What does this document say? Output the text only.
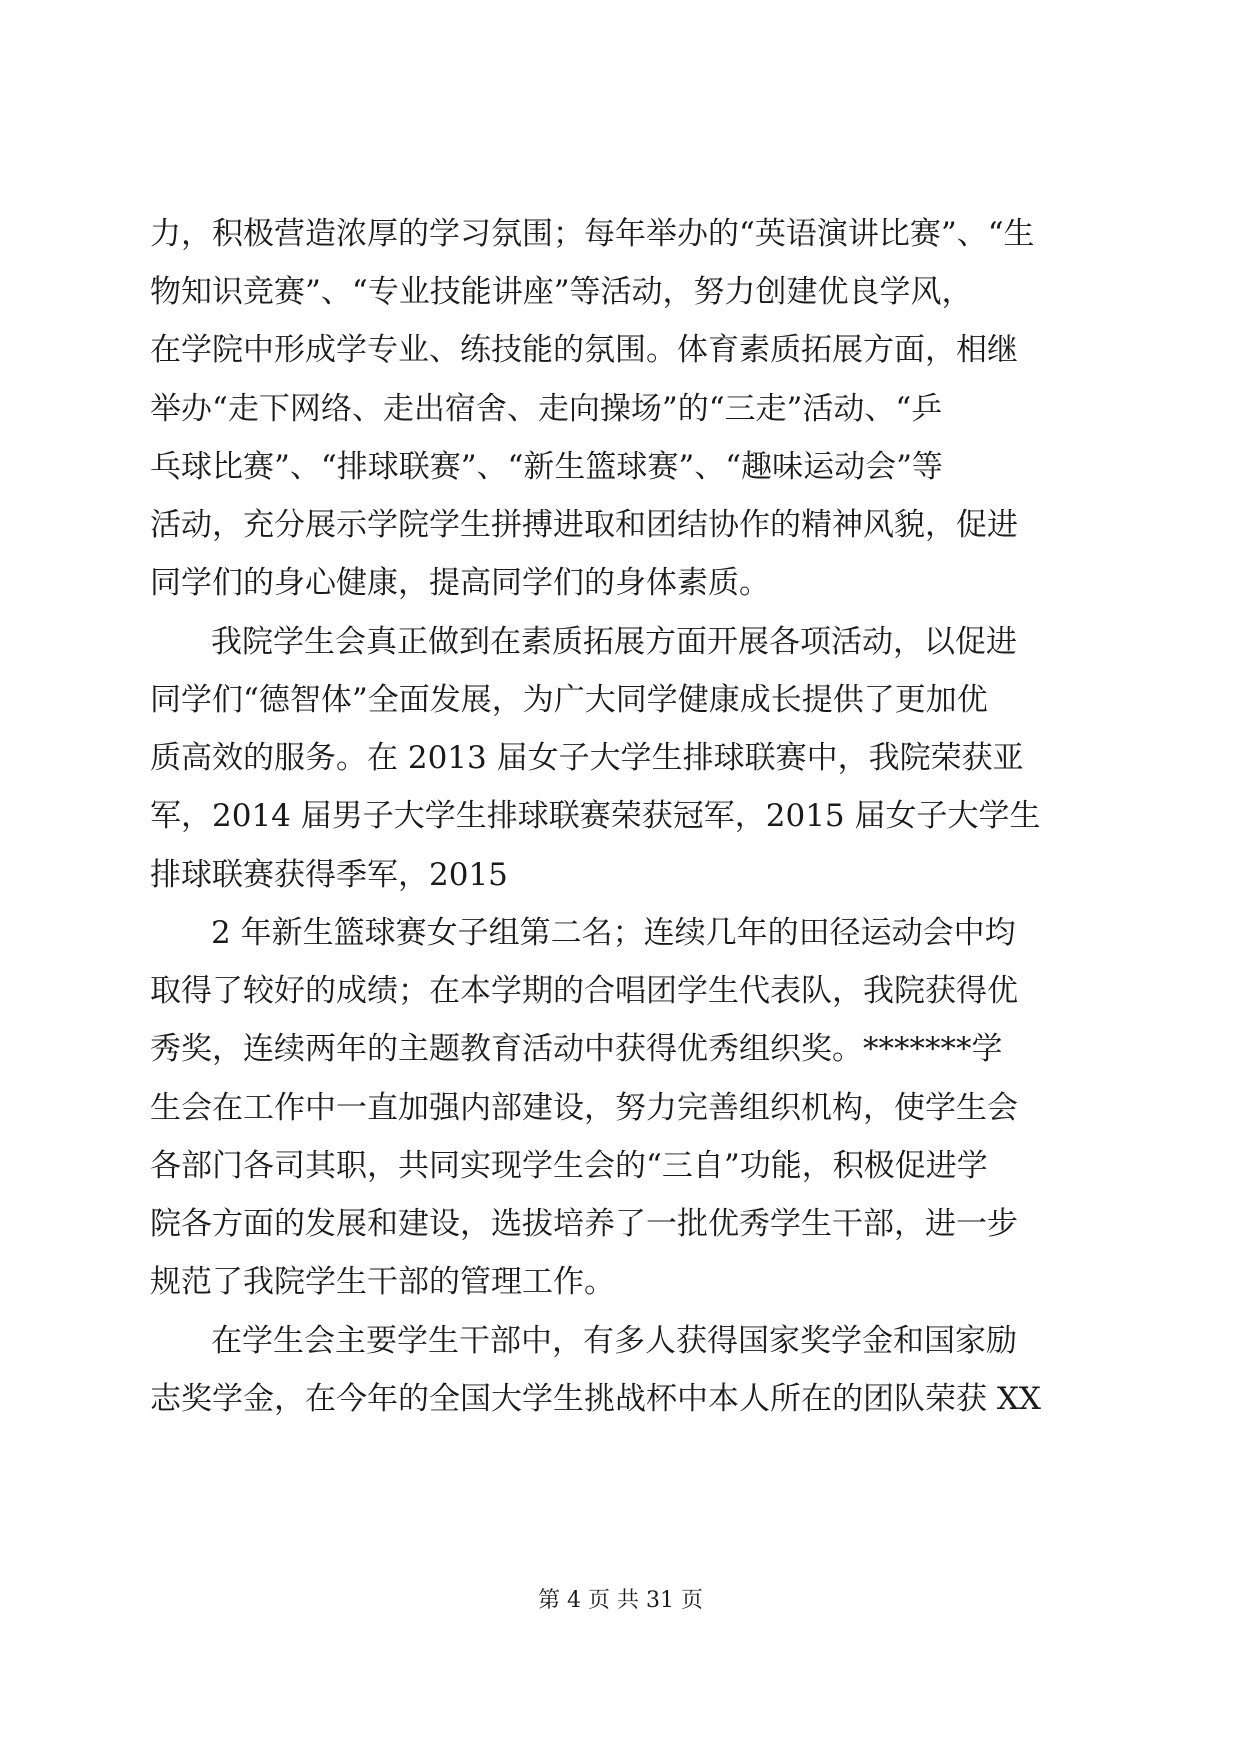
力，积极营造浓厚的学习氛围；每年举办的“英语演讲比赛”、“生
物知识竞赛”、“专业技能讲座”等活动，努力创建优良学风，
在学院中形成学专业、练技能的氛围。体育素质拓展方面，相继
举办“走下网络、走出宿舍、走向操场”的“三走”活动、“乒
乓球比赛”、“排球联赛”、“新生篮球赛”、“趣味运动会”等
活动，充分展示学院学生拼搏进取和团结协作的精神风貌，促进
同学们的身心健康，提高同学们的身体素质。
我院学生会真正做到在素质拓展方面开展各项活动，以促进
同学们“德智体”全面发展，为广大同学健康成长提供了更加优
质高效的服务。在 2013 届女子大学生排球联赛中，我院荣获亚
军，2014 届男子大学生排球联赛荣获冠军，2015 届女子大学生
排球联赛获得季军，2015
2 年新生篮球赛女子组第二名；连续几年的田径运动会中均
取得了较好的成绩；在本学期的合唱团学生代表队，我院获得优
秀奖，连续两年的主题教育活动中获得优秀组织奖。*******学
生会在工作中一直加强内部建设，努力完善组织机构，使学生会
各部门各司其职，共同实现学生会的“三自”功能，积极促进学
院各方面的发展和建设，选拔培养了一批优秀学生干部，进一步
规范了我院学生干部的管理工作。
在学生会主要学生干部中，有多人获得国家奖学金和国家励
志奖学金，在今年的全国大学生挑战杯中本人所在的团队荣获 XX
第 4 页 共 31 页
